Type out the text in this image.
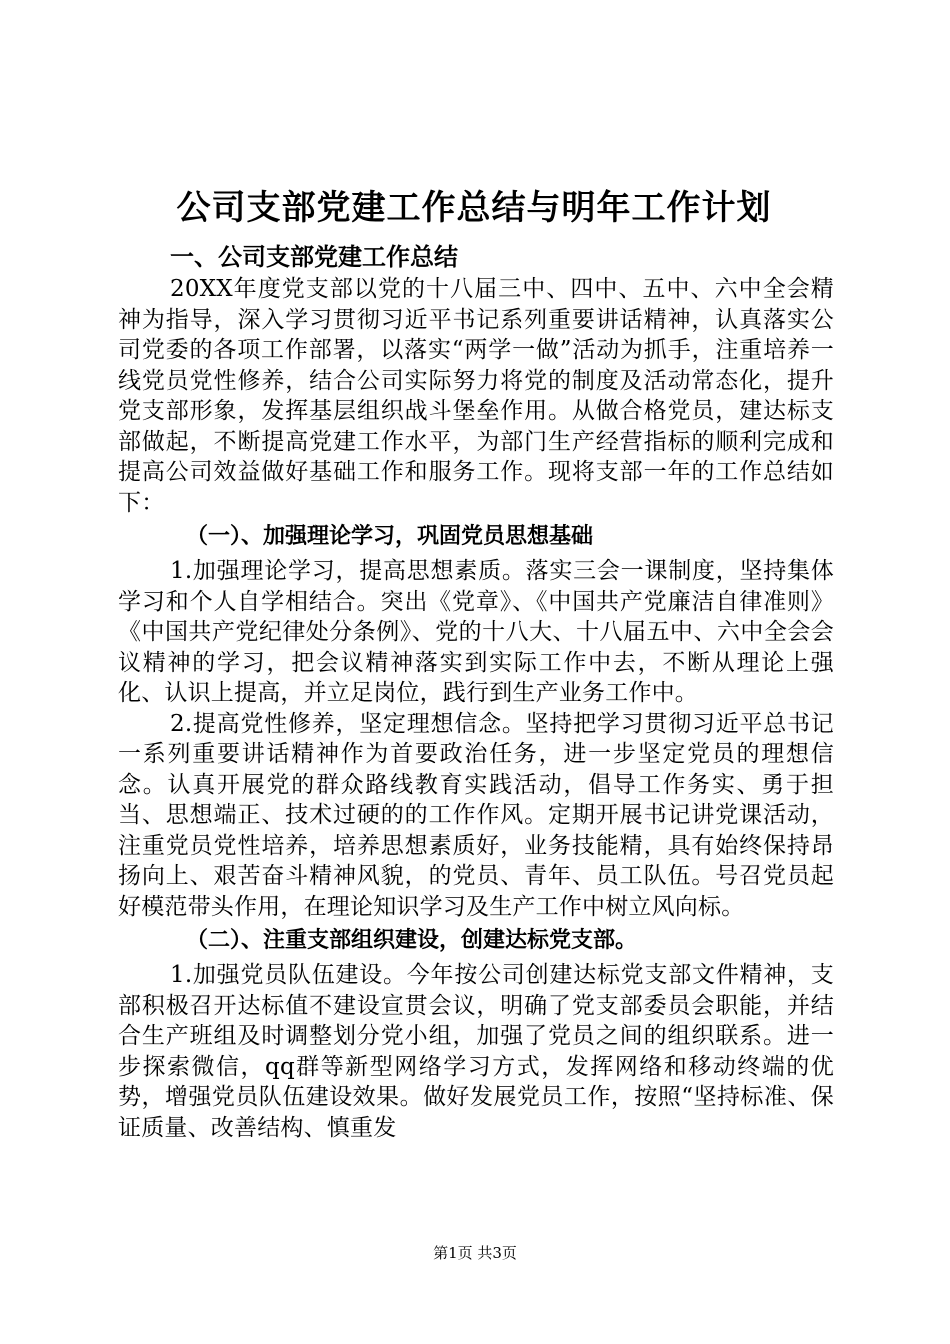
公司支部党建工作总结与明年工作计划
一、公司支部党建工作总结

20XX年度党支部以党的十八届三中、四中、五中、六中全会精神为指导，深入学习贯彻习近平书记系列重要讲话精神，认真落实公司党委的各项工作部署，以落实“两学一做”活动为抓手，注重培养一线党员党性修养，结合公司实际努力将党的制度及活动常态化，提升党支部形象，发挥基层组织战斗堡垒作用。从做合格党员，建达标支部做起，不断提高党建工作水平，为部门生产经营指标的顺利完成和提高公司效益做好基础工作和服务工作。现将支部一年的工作总结如下：

（一）、加强理论学习，巩固党员思想基础

1.加强理论学习，提高思想素质。落实三会一课制度，坚持集体学习和个人自学相结合。突出《党章》、《中国共产党廉洁自律准则》《中国共产党纪律处分条例》、党的十八大、十八届五中、六中全会会议精神的学习，把会议精神落实到实际工作中去，不断从理论上强化、认识上提高，并立足岗位，践行到生产业务工作中。

2.提高党性修养，坚定理想信念。坚持把学习贯彻习近平总书记一系列重要讲话精神作为首要政治任务，进一步坚定党员的理想信念。认真开展党的群众路线教育实践活动，倡导工作务实、勇于担当、思想端正、技术过硬的的工作作风。定期开展书记讲党课活动，注重党员党性培养，培养思想素质好，业务技能精，具有始终保持昂扬向上、艰苦奋斗精神风貌，的党员、青年、员工队伍。号召党员起好模范带头作用，在理论知识学习及生产工作中树立风向标。

（二）、注重支部组织建设，创建达标党支部。

1.加强党员队伍建设。今年按公司创建达标党支部文件精神，支部积极召开达标值不建设宣贯会议，明确了党支部委员会职能，并结合生产班组及时调整划分党小组，加强了党员之间的组织联系。进一步探索微信，qq群等新型网络学习方式，发挥网络和移动终端的优势，增强党员队伍建设效果。做好发展党员工作，按照“坚持标准、保证质量、改善结构、慎重发

第1页 共3页
